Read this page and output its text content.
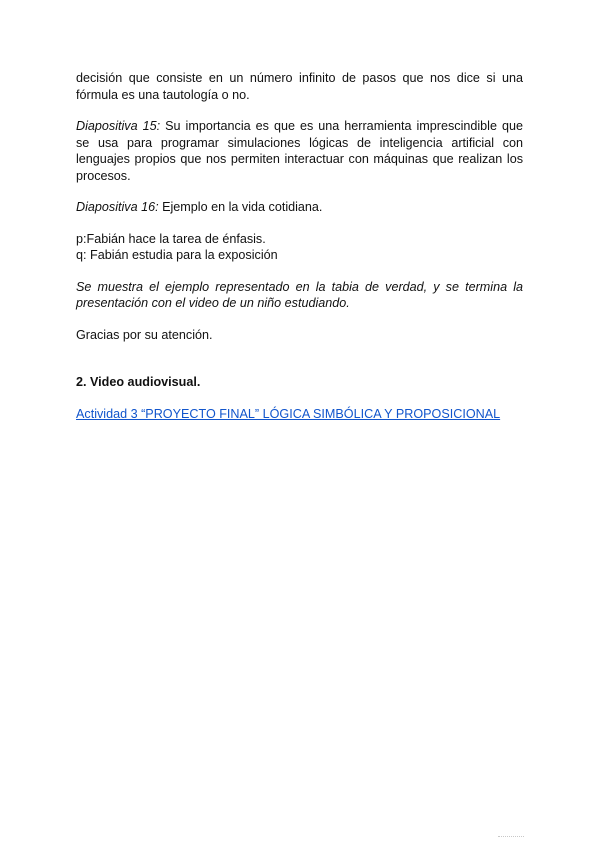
decisión que consiste en un número infinito de pasos que nos dice si una fórmula es una tautología o no.

Diapositiva 15: Su importancia es que es una herramienta imprescindible que se usa para programar simulaciones lógicas de inteligencia artificial con lenguajes propios que nos permiten interactuar con máquinas que realizan los procesos.

Diapositiva 16: Ejemplo en la vida cotidiana.

p:Fabián hace la tarea de énfasis.

q: Fabián estudia para la exposición

Se muestra el ejemplo representado en la tabia de verdad, y se termina la presentación con el video de un niño estudiando.

Gracias por su atención.

2. Video audiovisual.

Actividad 3 “PROYECTO FINAL” LÓGICA SIMBÓLICA Y PROPOSICIONAL
